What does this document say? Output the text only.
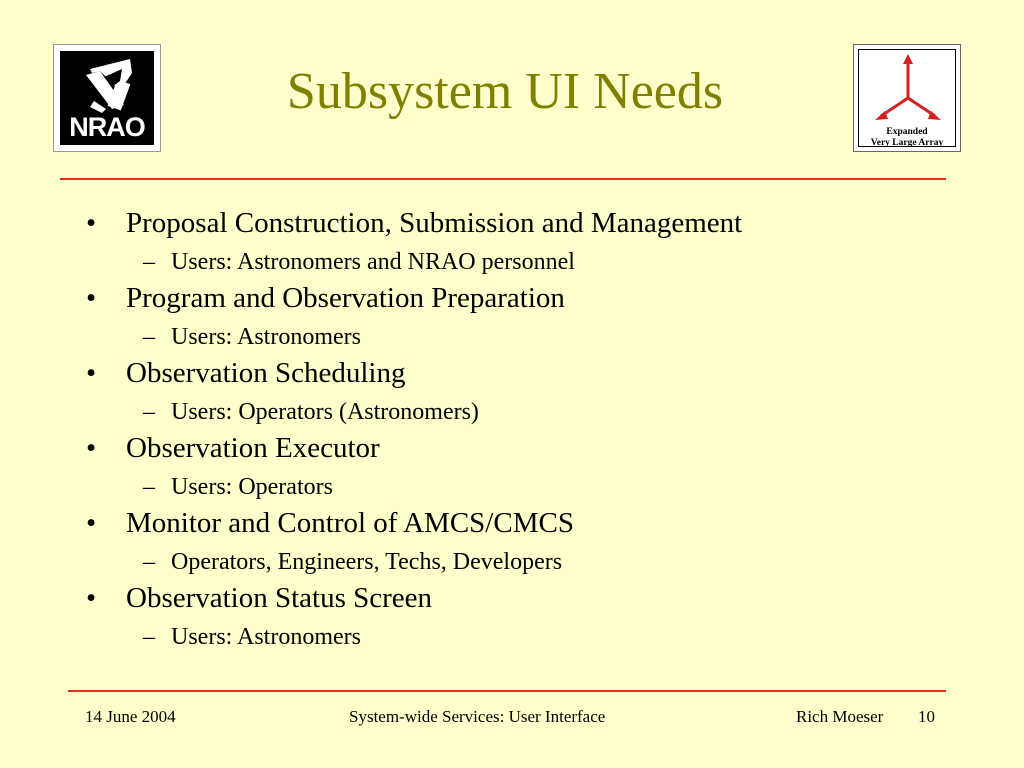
NRAO
Subsystem UI Needs
Expanded
Very Large Array
• Proposal Construction, Submission and Management
– Users: Astronomers and NRAO personnel
• Program and Observation Preparation
– Users: Astronomers
• Observation Scheduling
– Users: Operators (Astronomers)
• Observation Executor
– Users: Operators
• Monitor and Control of AMCS/CMCS
– Operators, Engineers, Techs, Developers
• Observation Status Screen
– Users: Astronomers
14 June 2004	System-wide Services: User Interface	Rich Moeser 10
